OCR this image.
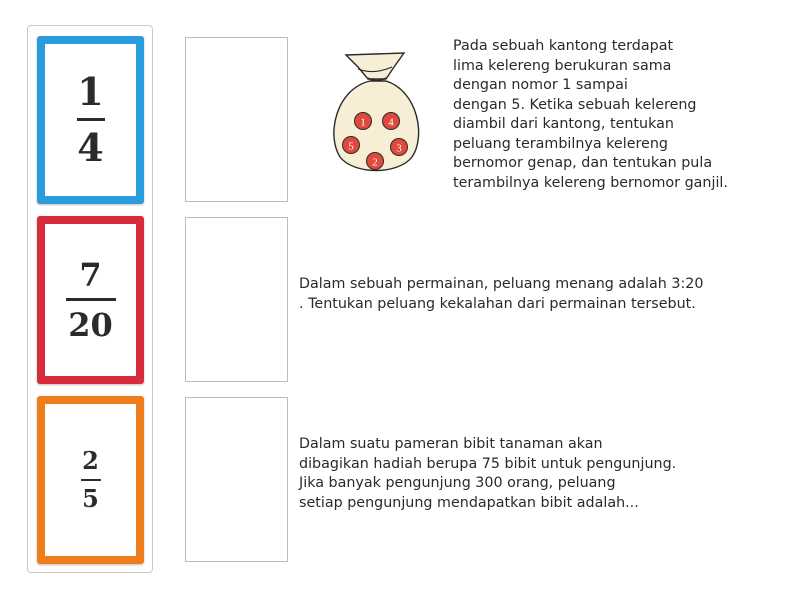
$\frac{1}{4}$
$\frac{7}{20}$
$\frac{2}{5}$
1 4
5	3
2
Pada sebuah kantong terdapat
lima kelereng berukuran sama
dengan nomor 1 sampai
dengan 5. Ketika sebuah kelereng
diambil dari kantong, tentukan
peluang terambilnya kelereng
bernomor genap, dan tentukan pula
terambilnya kelereng bernomor ganjil.
Dalam sebuah permainan, peluang menang adalah 3:20
. Tentukan peluang kekalahan dari permainan tersebut.
Dalam suatu pameran bibit tanaman akan
dibagikan hadiah berupa 75 bibit untuk pengunjung.
Jika banyak pengunjung 300 orang, peluang
setiap pengunjung mendapatkan bibit adalah...
